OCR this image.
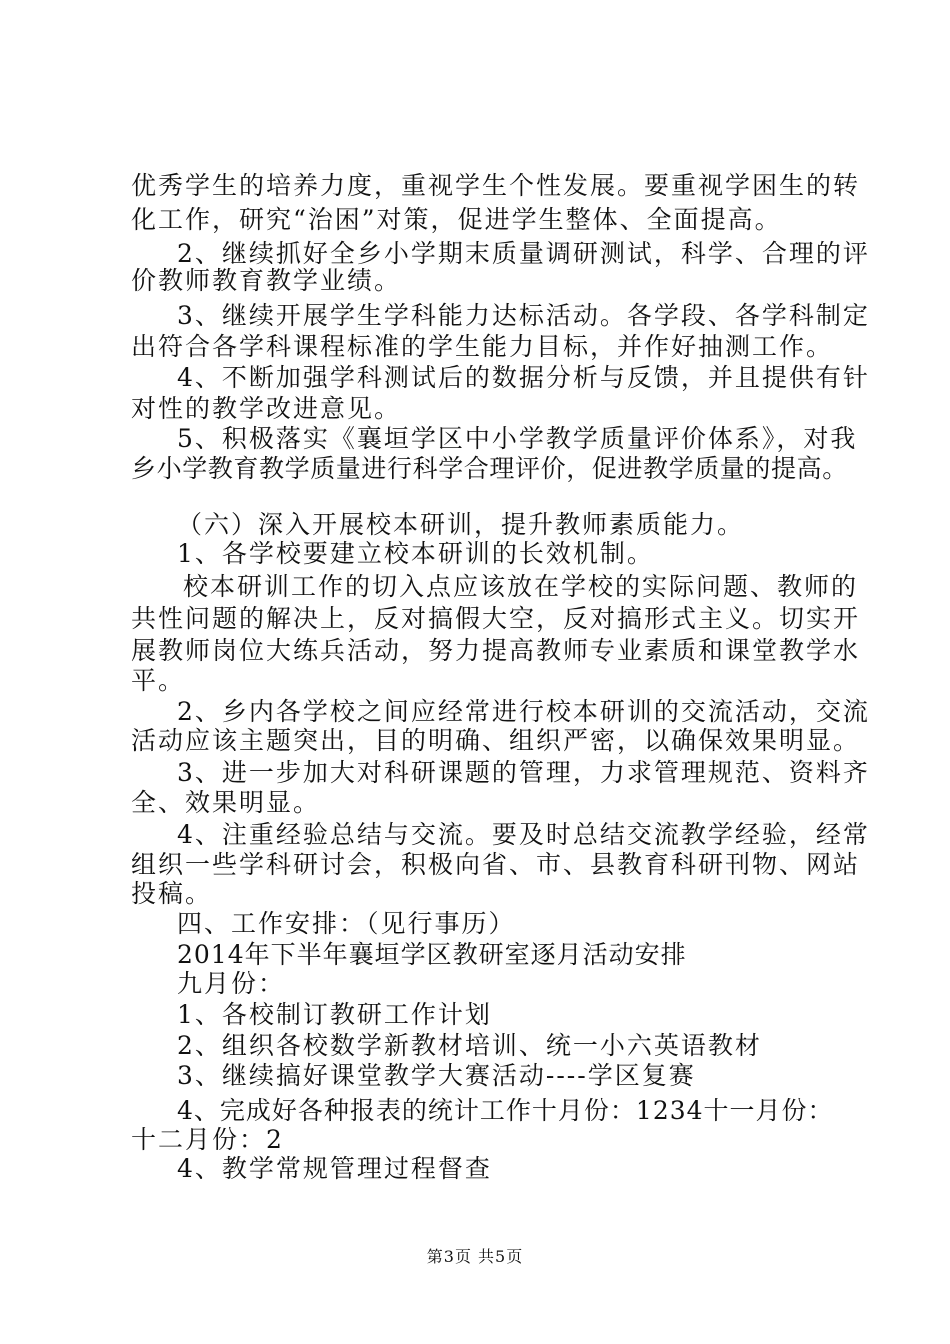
优秀学生的培养力度，重视学生个性发展。要重视学困生的转
化工作，研究“治困”对策，促进学生整体、全面提高。
2、继续抓好全乡小学期末质量调研测试，科学、合理的评
价教师教育教学业绩。
3、继续开展学生学科能力达标活动。各学段、各学科制定
出符合各学科课程标准的学生能力目标，并作好抽测工作。
4、不断加强学科测试后的数据分析与反馈，并且提供有针
对性的教学改进意见。
5、积极落实《襄垣学区中小学教学质量评价体系》，对我
乡小学教育教学质量进行科学合理评价，促进教学质量的提高。
（六）深入开展校本研训，提升教师素质能力。
1、各学校要建立校本研训的长效机制。
校本研训工作的切入点应该放在学校的实际问题、教师的
共性问题的解决上，反对搞假大空，反对搞形式主义。切实开
展教师岗位大练兵活动，努力提高教师专业素质和课堂教学水
平。
2、乡内各学校之间应经常进行校本研训的交流活动，交流
活动应该主题突出，目的明确、组织严密，以确保效果明显。
3、进一步加大对科研课题的管理，力求管理规范、资料齐
全、效果明显。
4、注重经验总结与交流。要及时总结交流教学经验，经常
组织一些学科研讨会，积极向省、市、县教育科研刊物、网站
投稿。
四、工作安排：（见行事历）
2014年下半年襄垣学区教研室逐月活动安排
九月份：
1、各校制订教研工作计划
2、组织各校数学新教材培训、统一小六英语教材
3、继续搞好课堂教学大赛活动----学区复赛
4、完成好各种报表的统计工作十月份：1234十一月份：
十二月份：2
4、教学常规管理过程督查
第3页 共5页
